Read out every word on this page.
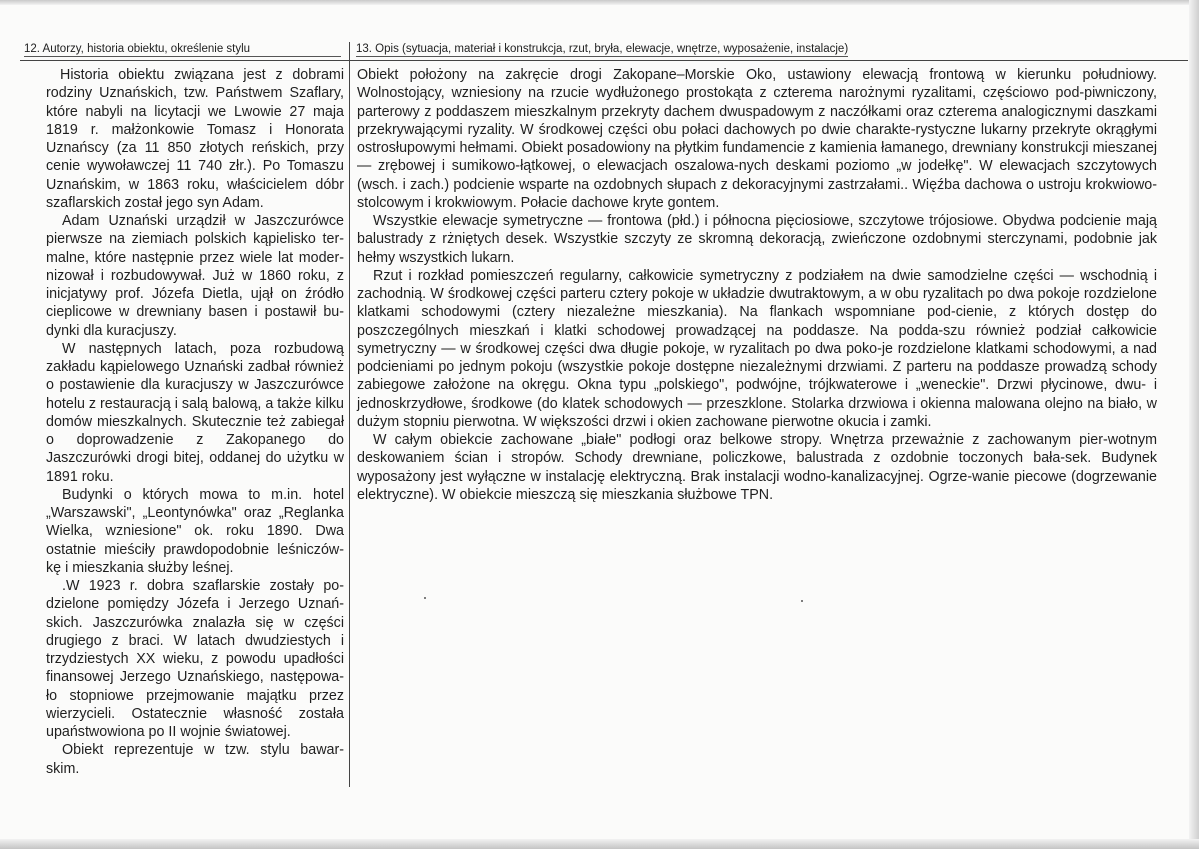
12. Autorzy, historia obiektu, określenie stylu	13. Opis (sytuacja, materiał i konstrukcja, rzut, bryła, elewacje, wnętrze, wyposażenie, instalacje)

Historia obiektu związana jest z dobrami rodziny Uznańskich, tzw. Państwem Szaflary, które nabyli na licytacji we Lwowie 27 maja 1819 r. małżonkowie Tomasz i Honorata Uznańscy (za 11 850 złotych reńskich, przy cenie wywoławczej 11 740 złr.). Po Tomaszu Uznańskim, w 1863 roku, właścicielem dóbr szaflarskich został jego syn Adam.

Adam Uznański urządził w Jaszczurówce pierwsze na ziemiach polskich kąpielisko ter-malne, które następnie przez wiele lat moder-nizował i rozbudowywał. Już w 1860 roku, z inicjatywy prof. Józefa Dietla, ujął on źródło cieplicowe w drewniany basen i postawił bu-dynki dla kuracjuszy.

W następnych latach, poza rozbudową zakładu kąpielowego Uznański zadbał również o postawienie dla kuracjuszy w Jaszczurówce hotelu z restauracją i salą balową, a także kilku domów mieszkalnych. Skutecznie też zabiegał o doprowadzenie z Zakopanego do Jaszczurówki drogi bitej, oddanej do użytku w 1891 roku.

Budynki o których mowa to m.in. hotel „Warszawski", „Leontynówka" oraz „Reglanka Wielka, wzniesione" ok. roku 1890. Dwa ostatnie mieściły prawdopodobnie leśniczów-kę i mieszkania służby leśnej.

.W 1923 r. dobra szaflarskie zostały po-dzielone pomiędzy Józefa i Jerzego Uznań-skich. Jaszczurówka znalazła się w części drugiego z braci. W latach dwudziestych i trzydziestych XX wieku, z powodu upadłości finansowej Jerzego Uznańskiego, następowa-ło stopniowe przejmowanie majątku przez wierzycieli. Ostatecznie własność została upaństwowiona po II wojnie światowej.

Obiekt reprezentuje w tzw. stylu bawar-skim.

Obiekt położony na zakręcie drogi Zakopane–Morskie Oko, ustawiony elewacją frontową w kierunku południowy. Wolnostojący, wzniesiony na rzucie wydłużonego prostokąta z czterema narożnymi ryzalitami, częściowo pod-piwniczony, parterowy z poddaszem mieszkalnym przekryty dachem dwuspadowym z naczółkami oraz czterema analogicznymi daszkami przekrywającymi ryzality. W środkowej części obu połaci dachowych po dwie charakte-rystyczne lukarny przekryte okrągłymi ostrosłupowymi hełmami. Obiekt posadowiony na płytkim fundamencie z kamienia łamanego, drewniany konstrukcji mieszanej — zrębowej i sumikowo-łątkowej, o elewacjach oszalowa-nych deskami poziomo „w jodełkę". W elewacjach szczytowych (wsch. i zach.) podcienie wsparte na ozdobnych słupach z dekoracyjnymi zastrzałami.. Więźba dachowa o ustroju krokwiowo-stolcowym i krokwiowym. Połacie dachowe kryte gontem.

Wszystkie elewacje symetryczne — frontowa (płd.) i północna pięciosiowe, szczytowe trójosiowe. Obydwa podcienie mają balustrady z rżniętych desek. Wszystkie szczyty ze skromną dekoracją, zwieńczone ozdobnymi sterczynami, podobnie jak hełmy wszystkich lukarn.

Rzut i rozkład pomieszczeń regularny, całkowicie symetryczny z podziałem na dwie samodzielne części — wschodnią i zachodnią. W środkowej części parteru cztery pokoje w układzie dwutraktowym, a w obu ryzalitach po dwa pokoje rozdzielone klatkami schodowymi (cztery niezależne mieszkania). Na flankach wspomniane pod-cienie, z których dostęp do poszczególnych mieszkań i klatki schodowej prowadzącej na poddasze. Na podda-szu również podział całkowicie symetryczny — w środkowej części dwa długie pokoje, w ryzalitach po dwa poko-je rozdzielone klatkami schodowymi, a nad podcieniami po jednym pokoju (wszystkie pokoje dostępne niezależnymi drzwiami. Z parteru na poddasze prowadzą schody zabiegowe założone na okręgu. Okna typu „polskiego", podwójne, trójkwaterowe i „weneckie". Drzwi płycinowe, dwu- i jednoskrzydłowe, środkowe (do klatek schodowych — przeszklone. Stolarka drzwiowa i okienna malowana olejno na biało, w dużym stopniu pierwotna. W większości drzwi i okien zachowane pierwotne okucia i zamki.

W całym obiekcie zachowane „białe" podłogi oraz belkowe stropy. Wnętrza przeważnie z zachowanym pier-wotnym deskowaniem ścian i stropów. Schody drewniane, policzkowe, balustrada z ozdobnie toczonych bała-sek. Budynek wyposażony jest wyłączne w instalację elektryczną. Brak instalacji wodno-kanalizacyjnej. Ogrze-wanie piecowe (dogrzewanie elektryczne). W obiekcie mieszczą się mieszkania służbowe TPN.
